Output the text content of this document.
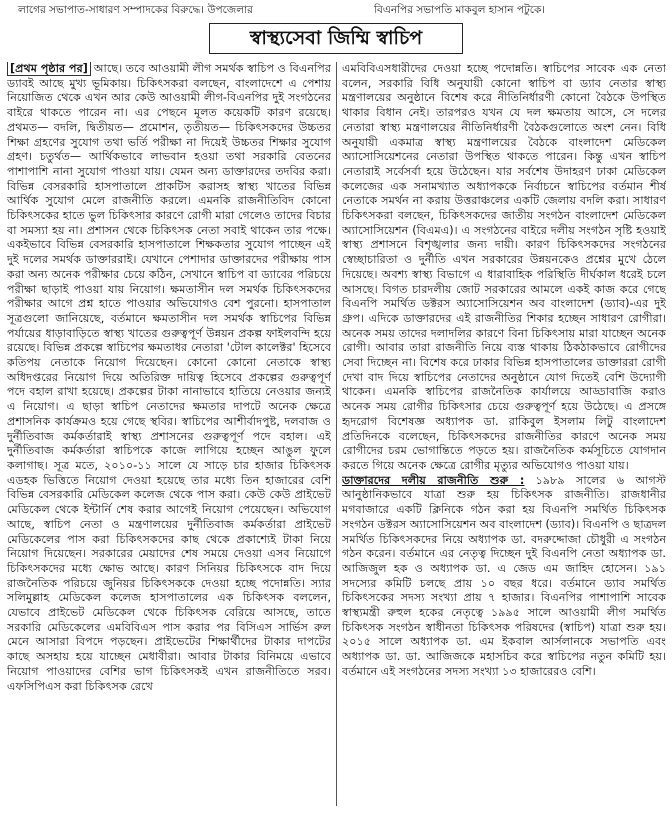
লাগের সভাপাত-সাধারণ সম্পাদকের বিরুদ্ধে। উপজেলার	বিএনপির সভাপতি মাকবুল হাসান পটুকে।
স্বাস্থ্যসেবা জিম্মি স্বাচিপ

[প্রথম পৃষ্ঠার পর] আছে। তবে আওয়ামী লীগ সমর্থক স্বাচিপ ও বিএনপির ড্যাবই আছে মুখ্য ভূমিকায়। চিকিৎসকরা বলছেন, বাংলাদেশে এ পেশায় নিয়োজিত থেকে এখন আর কেউ আওয়ামী লীগ-বিএনপির দুই সংগঠনের বাইরে থাকতে পারেন না। এর পেছনে মূলত কয়েকটি কারণ রয়েছে। প্রথমত— বদলি, দ্বিতীয়ত— প্রমোশন, তৃতীয়ত— চিকিৎসকদের উচ্চতর শিক্ষা গ্রহণের সুযোগ তথা ভর্তি পরীক্ষা না দিয়েই উচ্চতর শিক্ষার সুযোগ গ্রহণ। চতুর্থত— আর্থিকভাবে লাভবান হওয়া তথা সরকারি বেতনের পাশাপাশি নানা সুযোগ পাওয়া যায়। যেমন অন্য ডাক্তারদের তদবির করা। বিভিন্ন বেসরকারি হাসপাতালে প্রাকটিস করাসহ স্বাস্থ্য খাতের বিভিন্ন আর্থিক সুযোগ মেলে রাজনীতি করলে। এমনকি রাজনীতিবিদ কোনো চিকিৎসকের হাতে ভুল চিকিৎসার কারণে রোগী মারা গেলেও তাদের বিচার বা সমস্যা হয় না। প্রশাসন থেকে চিকিৎসক নেতা সবাই থাকেন তার পক্ষে। একইভাবে বিভিন্ন বেসরকারি হাসপাতালে শিক্ষকতার সুযোগ পাচ্ছেন এই দুই দলের সমর্থক ডাক্তাররাই। যেখানে পেশাদার ডাক্তারদের পরীক্ষায় পাস করা অন্য অনেক পরীক্ষার চেয়ে কঠিন, সেখানে স্বাচিপ বা ড্যাবের পরিচয়ে পরীক্ষা ছাড়াই পাওয়া যায় নিয়োগ। ক্ষমতাসীন দল সমর্থক চিকিৎসকদের পরীক্ষার আগে প্রশ্ন হাতে পাওয়ার অভিযোগও বেশ পুরনো। হাসপাতাল সূত্রগুলো জানিয়েছে, বর্তমানে ক্ষমতাসীন দল সমর্থক স্বাচিপের বিভিন্ন পর্যায়ের ধাড়াবাড়িতে স্বাস্থ্য খাতের গুরুত্বপূর্ণ উন্নয়ন প্রকল্প ফাইলবন্দি হয়ে রয়েছে। বিভিন্ন প্রকল্পে স্বাচিপের ক্ষমতাধর নেতারা 'টোল কালেক্টর' হিসেবে কতিপয় নেতাকে নিয়োগ দিয়েছেন। কোনো কোনো নেতাকে স্বাস্থ্য অধিদপ্তরের নিয়োগ দিয়ে অতিরিক্ত দায়িত্ব হিসেবে প্রকল্পের গুরুত্বপূর্ণ পদে বহাল রাখা হয়েছে। প্রকল্পের টাকা নানাভাবে হাতিয়ে নেওয়ার জন্যই এ নিয়োগ। এ ছাড়া স্বাচিপ নেতাদের ক্ষমতার দাপটে অনেক ক্ষেত্রে প্রশাসনিক কার্যক্রমও হয়ে গেছে স্থবির। স্বাচিপের আশীর্বাদপুষ্ট, দলবাজ ও দুর্নীতিবাজ কর্মকর্তারাই স্বাস্থ্য প্রশাসনের গুরুত্বপূর্ণ পদে বহাল। এই দুর্নীতিবাজ কর্মকর্তারা স্বাচিপকে কাজে লাগিয়ে হচ্ছেন আঙুল ফুলে কলাগাছ। সূত্র মতে, ২০১০-১১ সালে যে সাড়ে চার হাজার চিকিৎসক এডহক ভিত্তিতে নিয়োগ দেওয়া হয়েছে তার মধ্যে তিন হাজারের বেশি বিভিন্ন বেসরকারি মেডিকেল কলেজ থেকে পাস করা। কেউ কেউ প্রাইভেট মেডিকেল থেকে ইন্টার্নি শেষ করার আগেই নিয়োগ পেয়েছেন। অভিযোগ আছে, স্বাচিপ নেতা ও মন্ত্রণালয়ের দুর্নীতিবাজ কর্মকর্তারা প্রাইভেট মেডিকেলের পাস করা চিকিৎসকদের কাছ থেকে প্রকাশ্যেই টাকা নিয়ে নিয়োগ দিয়েছেন। সরকারের মেয়াদের শেষ সময়ে দেওয়া এসব নিয়োগে চিকিৎসকদের মধ্যে ক্ষোভ আছে। কারণ সিনিয়র চিকিৎসকে বাদ দিয়ে রাজনৈতিক পরিচয়ে জুনিয়র চিকিৎসককে দেওয়া হচ্ছে পদোন্নতি। স্যার সলিমুল্লাহ মেডিকেল কলেজ হাসপাতালের এক চিকিৎসক বললেন, যেভাবে প্রাইভেট মেডিকেল থেকে চিকিৎসক বেরিয়ে আসছে, তাতে সরকারি মেডিকেলের এমবিবিএস পাস করার পর বিসিএস সার্ভিস রুল মেনে আসারা বিপদে পড়ছেন। প্রাইভেটের শিক্ষার্থীদের টাকার দাপটের কাছে অসহায় হয়ে যাচ্ছেন মেধাবীরা। আবার টাকার বিনিময়ে এভাবে নিয়োগ পাওয়াদের বেশির ভাগ চিকিৎসকই এখন রাজনীতিতে সরব। এফসিপিএস করা চিকিৎসক রেখে

এমবিবিএসধারীদের দেওয়া হচ্ছে পদোন্নতি। স্বাচিপের সাবেক এক নেতা বলেন, সরকারি বিধি অনুযায়ী কোনো স্বাচিপ বা ড্যাব নেতার স্বাস্থ্য মন্ত্রণালয়ের অনুষ্ঠানে বিশেষ করে নীতিনির্ধারণী কোনো বৈঠকে উপস্থিত থাকার বিধান নেই। তারপরও যখন যে দল ক্ষমতায় আসে, সে দলের নেতারা স্বাস্থ্য মন্ত্রণালয়ের নীতিনির্ধারণী বৈঠকগুলোতে অংশ নেন। বিধি অনুযায়ী একমাত্র স্বাস্থ্য মন্ত্রণালয়ের বৈঠকে বাংলাদেশ মেডিকেল অ্যাসোসিয়েশনের নেতারা উপস্থিত থাকতে পারেন। কিন্তু এখন স্বাচিপ নেতারাই সর্বেসর্বা হয়ে উঠেছেন। যার সর্বশেষ উদাহরণ ঢাকা মেডিকেল কলেজের এক সনামখ্যাত অধ্যাপককে নির্বাচনে স্বাচিপের বর্তমান শীর্ষ নেতাকে সমর্থন না করায় উত্তরাঞ্চলের একটি জেলায় বদলি করা। সাধারণ চিকিৎসকরা বলছেন, চিকিৎসকদের জাতীয় সংগঠন বাংলাদেশ মেডিকেল অ্যাসোসিয়েশন (বিএমএ)। এ সংগঠনের বাইরে দলীয় সংগঠন সৃষ্টি হওয়াই স্বাস্থ্য প্রশাসনে বিশৃঙ্খলার জন্য দায়ী। কারণ চিকিৎসকদের সংগঠনের স্বেচ্ছাচারিতা ও দুর্নীতি এখন সরকারের উন্নয়নকেও প্রশ্নের মুখে ঠেলে দিয়েছে। অবশ্য স্বাস্থ্য বিভাগে এ ধারাবাহিক পরিস্থিতি দীর্ঘকাল ধরেই চলে আসছে। বিগত চারদলীয় জোট সরকারের আমলে একই কাজ করে গেছে বিএনপি সমর্থিত ডক্টরস অ্যাসোসিয়েশন অব বাংলাদেশ (ড্যাব)-এর দুই গ্রুপ। এদিকে ডাক্তারদের এই রাজনীতির শিকার হচ্ছেন সাধারণ রোগীরা। অনেক সময় তাদের দলাদলির কারণে বিনা চিকিৎসায় মারা যাচ্ছেন অনেক রোগী। আবার তারা রাজনীতি নিয়ে ব্যস্ত থাকায় ঠিকঠাকভাবে রোগীদের সেবা দিচ্ছেন না। বিশেষ করে ঢাকার বিভিন্ন হাসপাতালের ডাক্তাররা রোগী দেখা বাদ দিয়ে স্বাচিপের নেতাদের অনুষ্ঠানে যোগ দিতেই বেশি উদ্যোগী থাকেন। এমনকি স্বাচিপের রাজনৈতিক কার্যালয়ে আড্ডাবাজি করাও অনেক সময় রোগীর চিকিৎসার চেয়ে গুরুত্বপূর্ণ হয়ে উঠেছে। এ প্রসঙ্গে হৃদরোগ বিশেষজ্ঞ অধ্যাপক ডা. রাকিবুল ইসলাম লিটু বাংলাদেশ প্রতিদিনকে বলেছেন, চিকিৎসকদের রাজনীতির কারণে অনেক সময় রোগীদের চরম ভোগান্তিতে পড়তে হয়। রাজনৈতিক কর্মসূচিতে যোগদান করতে গিয়ে অনেক ক্ষেত্রে রোগীর মৃত্যুর অভিযোগও পাওয়া যায়।

ডাক্তারদের দলীয় রাজনীতি শুরু : ১৯৮৯ সালের ৬ আগস্ট আনুষ্ঠানিকভাবে যাত্রা শুরু হয় চিকিৎসক রাজনীতি। রাজধানীর মগবাজারে একটি ক্লিনিকে গঠন করা হয় বিএনপি সমর্থিত চিকিৎসক সংগঠন ডক্টরস অ্যাসোসিয়েশন অব বাংলাদেশ (ড্যাব)। বিএনপি ও ছাত্রদল সমর্থিত চিকিৎসকদের নিয়ে অধ্যাপক ডা. বদরুদ্দোজা চৌধুরী এ সংগঠন গঠন করেন। বর্তমানে এর নেতৃত্ব দিচ্ছেন দুই বিএনপি নেতা অধ্যাপক ডা. আজিজুল হক ও অধ্যাপক ডা. এ জেড এম জাহিদ হোসেন। ১৯১ সদস্যের কমিটি চলছে প্রায় ১০ বছর ধরে। বর্তমানে ড্যাব সমর্থিত চিকিৎসকের সদস্য সংখ্যা প্রায় ৭ হাজার। বিএনপির পাশাপাশি সাবেক স্বাস্থ্যমন্ত্রী রুহুল হকের নেতৃত্বে ১৯৯৫ সালে আওয়ামী লীগ সমর্থিত চিকিৎসক সংগঠন স্বাধীনতা চিকিৎসক পরিষদের (স্বাচিপ) যাত্রা শুরু হয়। ২০১৫ সালে অধ্যাপক ডা. এম ইকবাল আর্সলানকে সভাপতি এবং অধ্যাপক ডা. ডা. আজিজকে মহাসচিব করে স্বাচিপের নতুন কমিটি হয়। বর্তমানে এই সংগঠনের সদস্য সংখ্যা ১৩ হাজারেরও বেশি।
